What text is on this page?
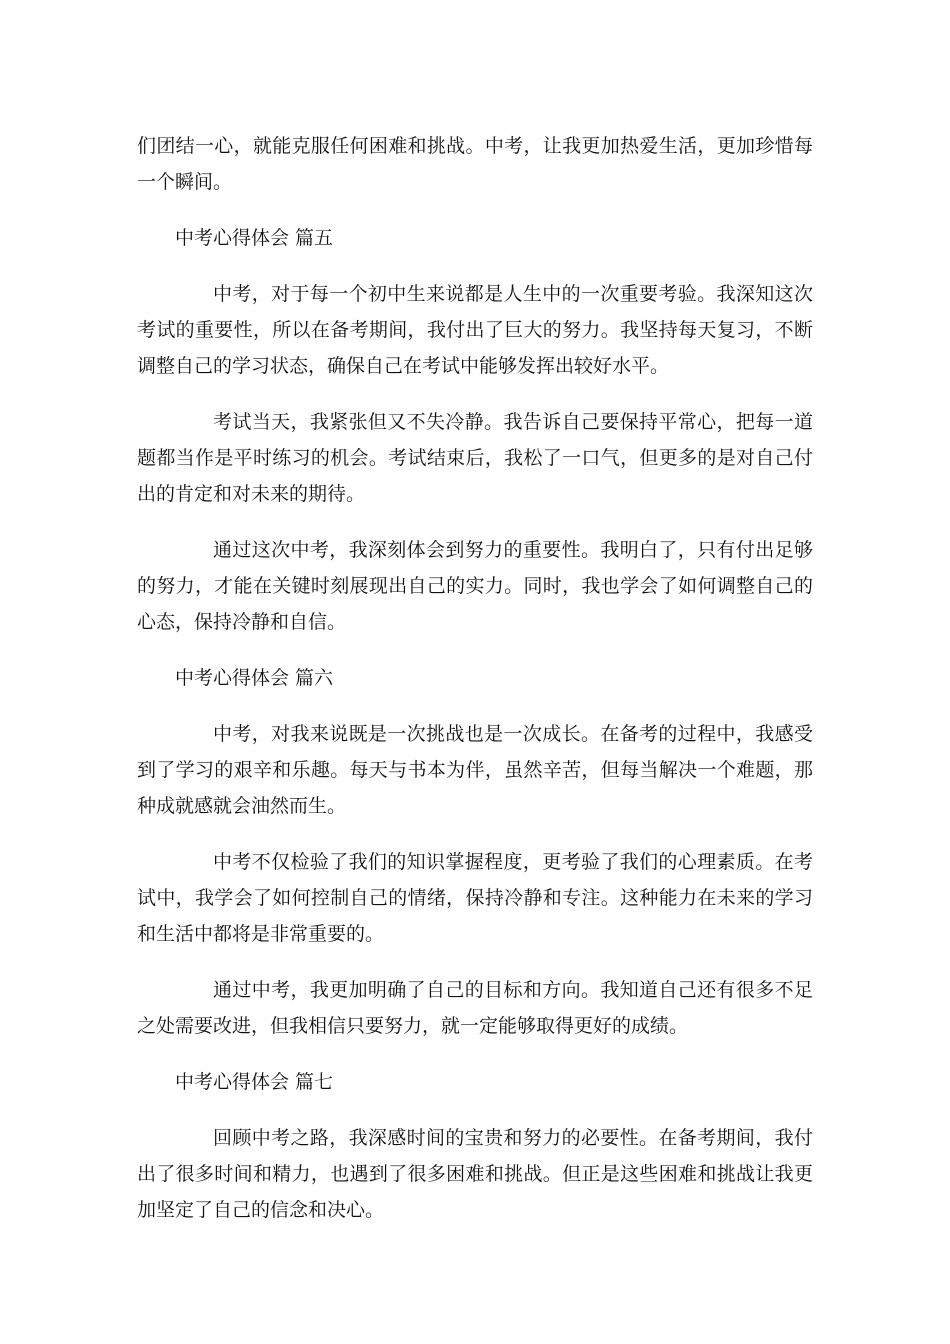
们团结一心，就能克服任何困难和挑战。中考，让我更加热爱生活，更加珍惜每一个瞬间。

中考心得体会 篇五

中考，对于每一个初中生来说都是人生中的一次重要考验。我深知这次考试的重要性，所以在备考期间，我付出了巨大的努力。我坚持每天复习，不断调整自己的学习状态，确保自己在考试中能够发挥出较好水平。

考试当天，我紧张但又不失冷静。我告诉自己要保持平常心，把每一道题都当作是平时练习的机会。考试结束后，我松了一口气，但更多的是对自己付出的肯定和对未来的期待。

通过这次中考，我深刻体会到努力的重要性。我明白了，只有付出足够的努力，才能在关键时刻展现出自己的实力。同时，我也学会了如何调整自己的心态，保持冷静和自信。

中考心得体会 篇六

中考，对我来说既是一次挑战也是一次成长。在备考的过程中，我感受到了学习的艰辛和乐趣。每天与书本为伴，虽然辛苦，但每当解决一个难题，那种成就感就会油然而生。

中考不仅检验了我们的知识掌握程度，更考验了我们的心理素质。在考试中，我学会了如何控制自己的情绪，保持冷静和专注。这种能力在未来的学习和生活中都将是非常重要的。

通过中考，我更加明确了自己的目标和方向。我知道自己还有很多不足之处需要改进，但我相信只要努力，就一定能够取得更好的成绩。

中考心得体会 篇七

回顾中考之路，我深感时间的宝贵和努力的必要性。在备考期间，我付出了很多时间和精力，也遇到了很多困难和挑战。但正是这些困难和挑战让我更加坚定了自己的信念和决心。
